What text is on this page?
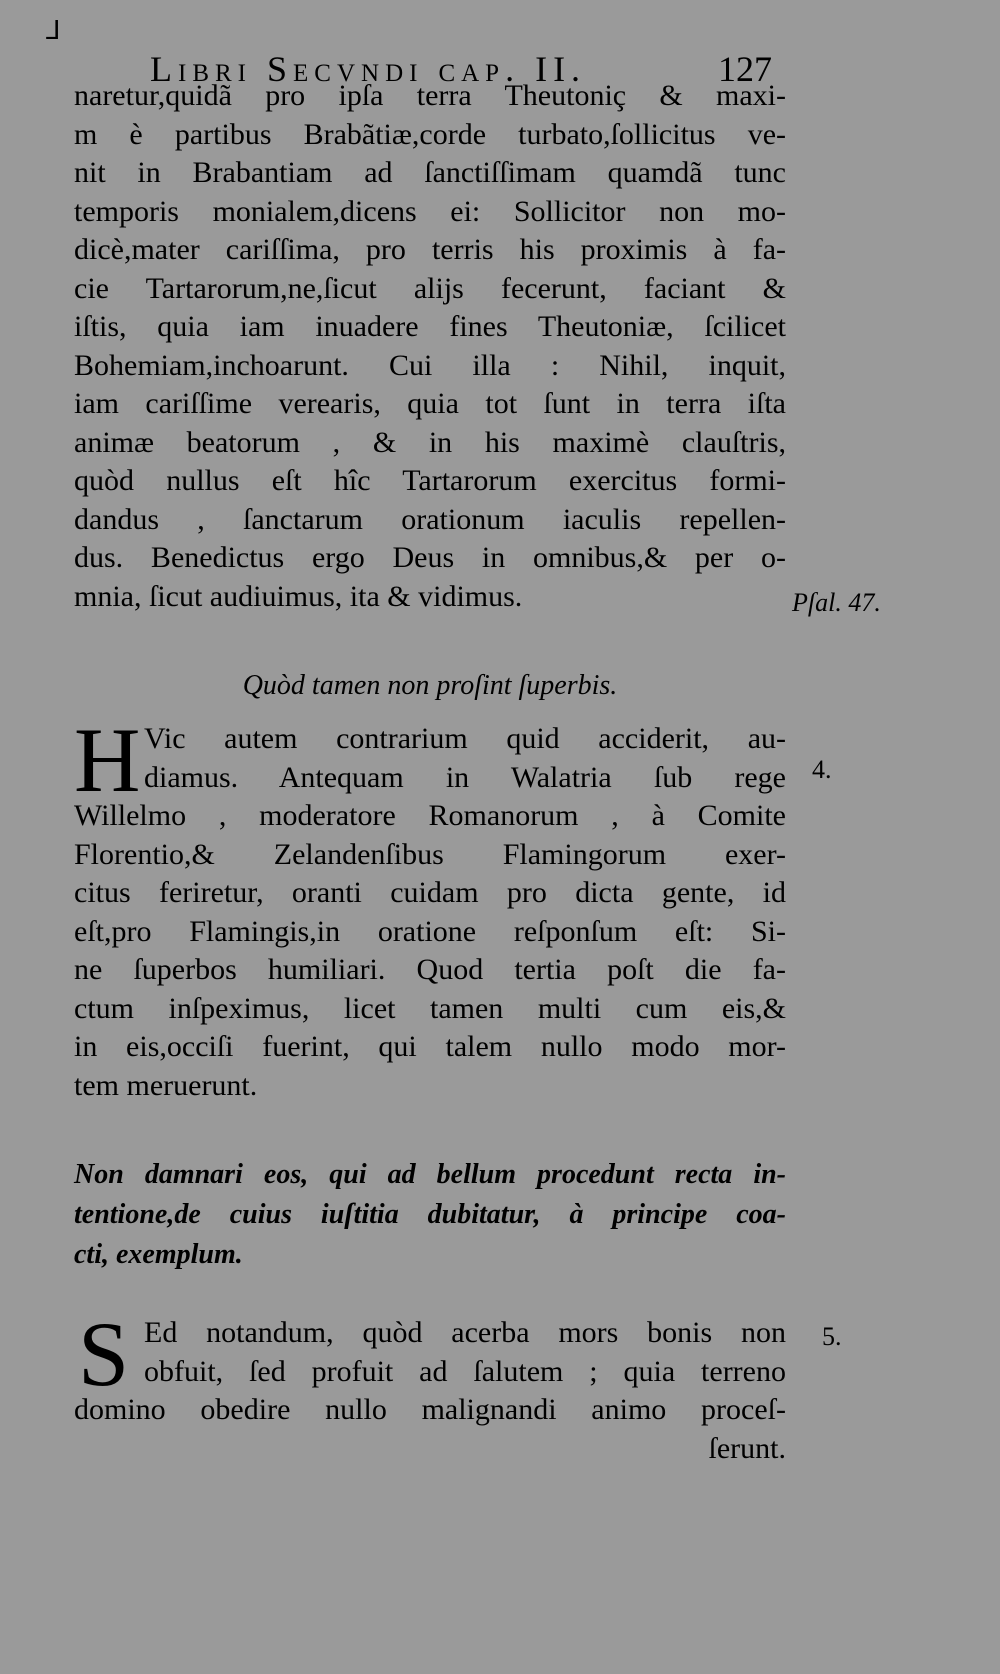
⅃
Libri Secvndi cap. II.	127
naretur,quidã pro ipſa terra Theutoniç & maxi-
m è partibus Brabãtiæ,corde turbato,ſollicitus ve-
nit in Brabantiam ad ſanctiſſimam quamdã tunc
temporis monialem,dicens ei: Sollicitor non mo-
dicè,mater cariſſima, pro terris his proximis à fa-
cie Tartarorum,ne,ſicut alijs fecerunt, faciant &
iſtis, quia iam inuadere fines Theutoniæ, ſcilicet
Bohemiam,inchoarunt. Cui illa : Nihil, inquit,
iam cariſſime verearis, quia tot ſunt in terra iſta
animæ beatorum , & in his maximè clauſtris,
quòd nullus eſt hîc Tartarorum exercitus formi-
dandus , ſanctarum orationum iaculis repellen-
dus. Benedictus ergo Deus in omnibus,& per o-
mnia, ſicut audiuimus, ita & vidimus.	Pſal. 47.
Quòd tamen non proſint ſuperbis.
H Vic autem contrarium quid acciderit, au-
diamus. Antequam in Walatria ſub rege
Willelmo , moderatore Romanorum , à Comite
Florentio,& Zelandenſibus Flamingorum exer-
citus feriretur, oranti cuidam pro dicta gente, id
eſt,pro Flamingis,in oratione reſponſum eſt: Si-
ne ſuperbos humiliari. Quod tertia poſt die fa-
ctum inſpeximus, licet tamen multi cum eis,&
in eis,occiſi fuerint, qui talem nullo modo mor-
tem meruerunt.
4.
Non damnari eos, qui ad bellum procedunt recta in-
tentione,de cuius iuſtitia dubitatur, à principe coa-
cti, exemplum.
S Ed notandum, quòd acerba mors bonis non
obfuit, ſed profuit ad ſalutem ; quia terreno
domino obedire nullo malignandi animo proceſ-
ſerunt.
5.
